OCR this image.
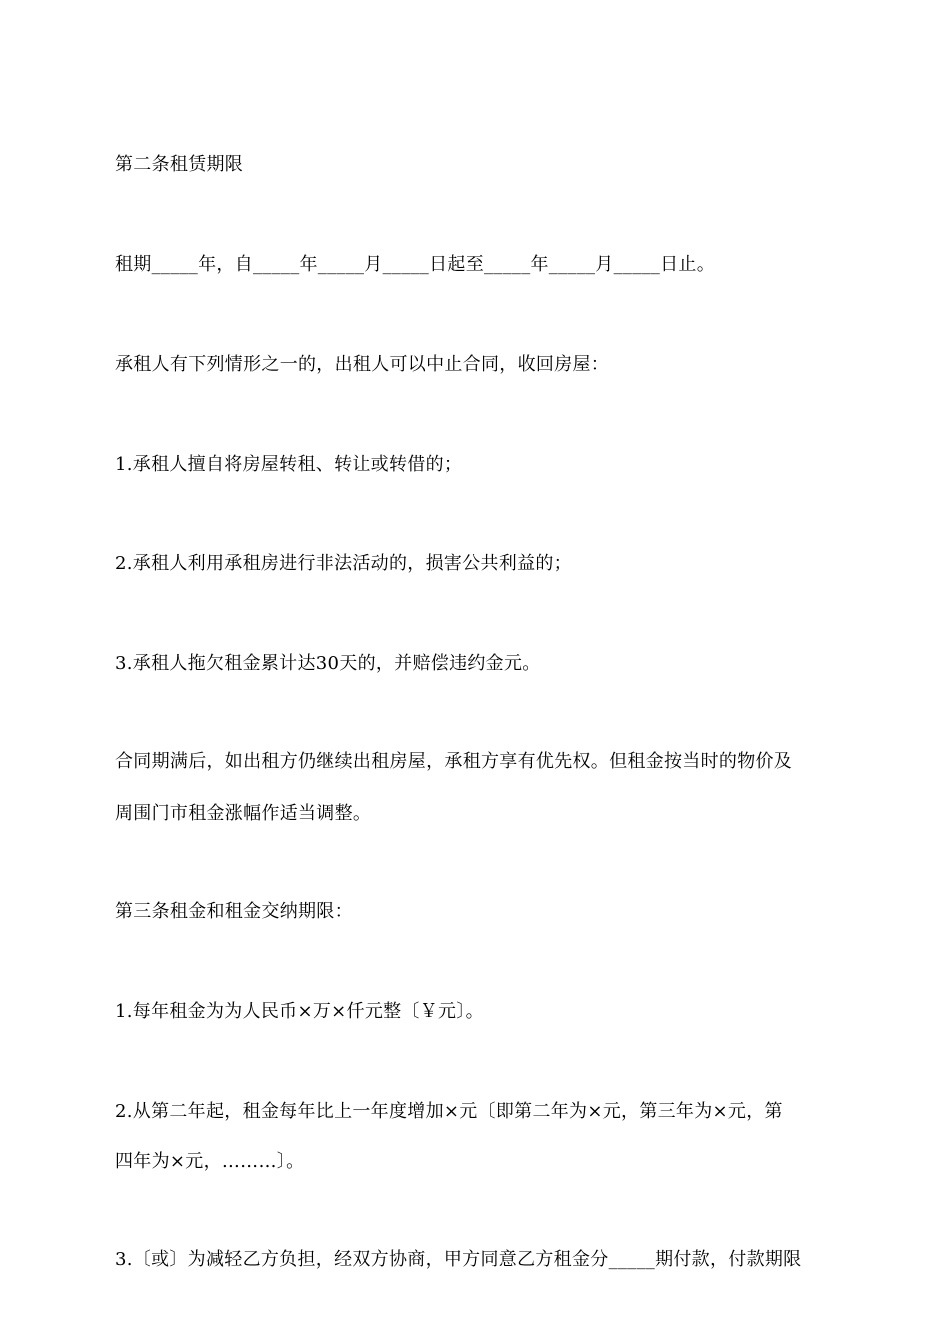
第二条租赁期限
租期_____年，自_____年_____月_____日起至_____年_____月_____日止。
承租人有下列情形之一的，出租人可以中止合同，收回房屋：
1.承租人擅自将房屋转租、转让或转借的；
2.承租人利用承租房进行非法活动的，损害公共利益的；
3.承租人拖欠租金累计达30天的，并赔偿违约金元。
合同期满后，如出租方仍继续出租房屋，承租方享有优先权。但租金按当时的物价及
周围门市租金涨幅作适当调整。
第三条租金和租金交纳期限：
1.每年租金为为人民币×万×仟元整〔￥元〕。
2.从第二年起，租金每年比上一年度增加×元〔即第二年为×元，第三年为×元，第
四年为×元，………〕。
3.〔或〕为减轻乙方负担，经双方协商，甲方同意乙方租金分_____期付款，付款期限
